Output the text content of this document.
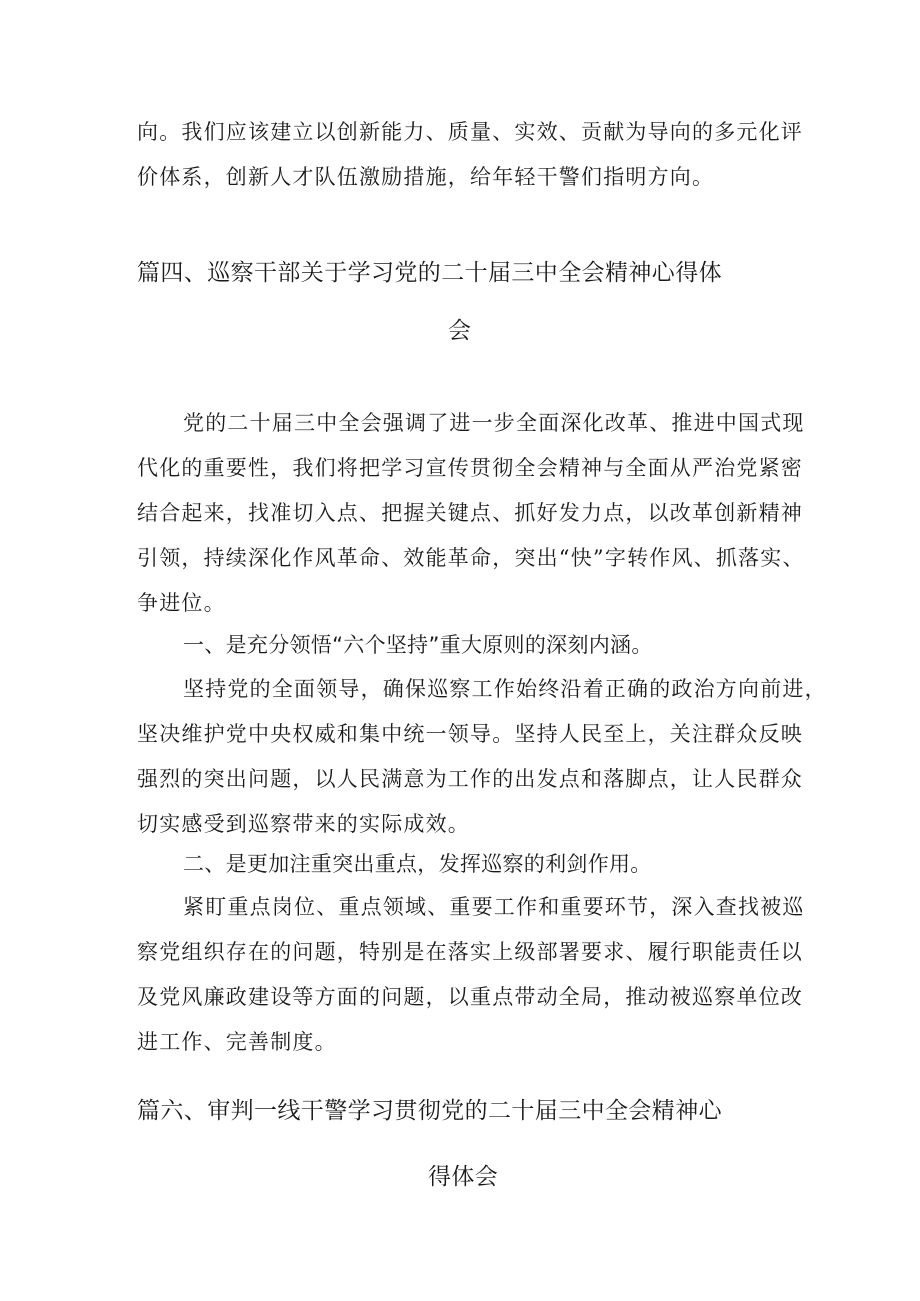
向。我们应该建立以创新能力、质量、实效、贡献为导向的多元化评
价体系，创新人才队伍激励措施，给年轻干警们指明方向。
篇四、巡察干部关于学习党的二十届三中全会精神心得体
会
党的二十届三中全会强调了进一步全面深化改革、推进中国式现
代化的重要性，我们将把学习宣传贯彻全会精神与全面从严治党紧密
结合起来，找准切入点、把握关键点、抓好发力点，以改革创新精神
引领，持续深化作风革命、效能革命，突出“快”字转作风、抓落实、
争进位。
一、是充分领悟“六个坚持”重大原则的深刻内涵。
坚持党的全面领导，确保巡察工作始终沿着正确的政治方向前进，
坚决维护党中央权威和集中统一领导。坚持人民至上，关注群众反映
强烈的突出问题，以人民满意为工作的出发点和落脚点，让人民群众
切实感受到巡察带来的实际成效。
二、是更加注重突出重点，发挥巡察的利剑作用。
紧盯重点岗位、重点领域、重要工作和重要环节，深入查找被巡
察党组织存在的问题，特别是在落实上级部署要求、履行职能责任以
及党风廉政建设等方面的问题，以重点带动全局，推动被巡察单位改
进工作、完善制度。
篇六、审判一线干警学习贯彻党的二十届三中全会精神心
得体会
